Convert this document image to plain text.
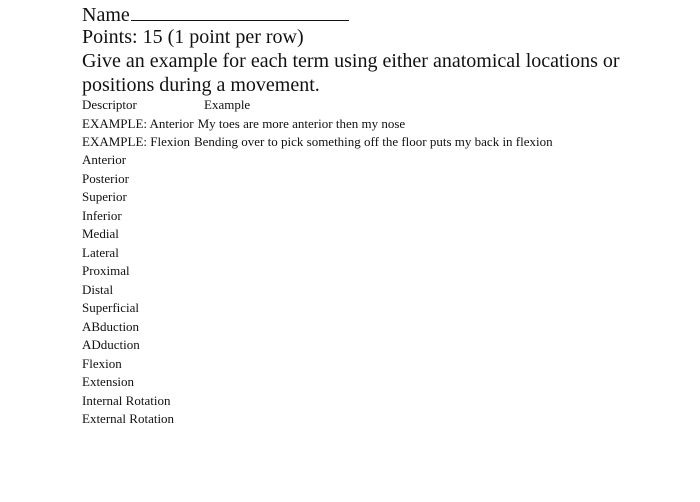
Name
Points: 15 (1 point per row)
Give an example for each term using either anatomical locations or positions during a movement.
Descriptor	Example
EXAMPLE: Anterior My toes are more anterior then my nose
EXAMPLE: Flexion Bending over to pick something off the floor puts my back in flexion
Anterior
Posterior
Superior
Inferior
Medial
Lateral
Proximal
Distal
Superficial
ABduction
ADduction
Flexion
Extension
Internal Rotation
External Rotation
